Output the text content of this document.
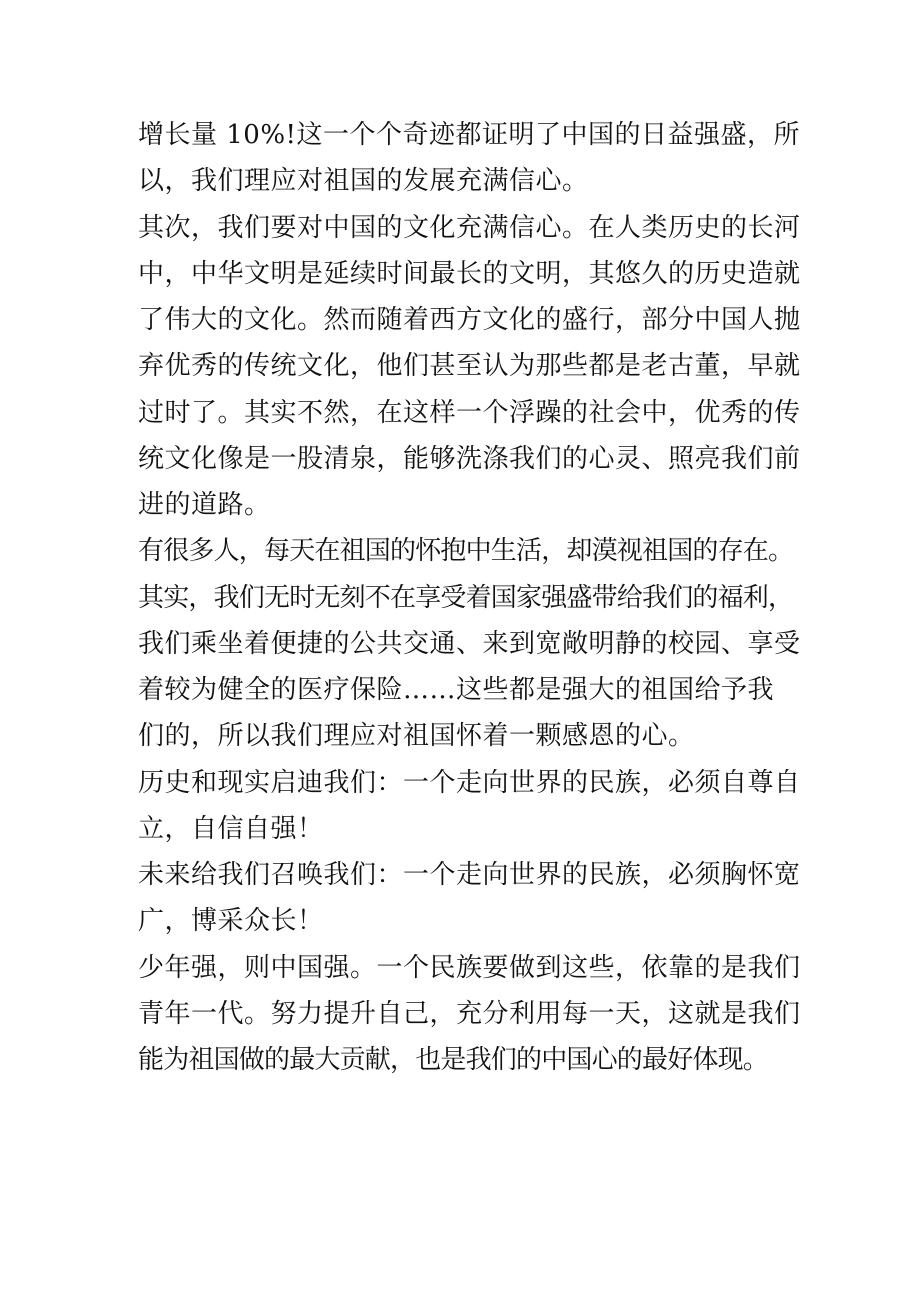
增长量 10%!这一个个奇迹都证明了中国的日益强盛，所
以，我们理应对祖国的发展充满信心。
其次，我们要对中国的文化充满信心。在人类历史的长河
中，中华文明是延续时间最长的文明，其悠久的历史造就
了伟大的文化。然而随着西方文化的盛行，部分中国人抛
弃优秀的传统文化，他们甚至认为那些都是老古董，早就
过时了。其实不然，在这样一个浮躁的社会中，优秀的传
统文化像是一股清泉，能够洗涤我们的心灵、照亮我们前
进的道路。
有很多人，每天在祖国的怀抱中生活，却漠视祖国的存在。
其实，我们无时无刻不在享受着国家强盛带给我们的福利，
我们乘坐着便捷的公共交通、来到宽敞明静的校园、享受
着较为健全的医疗保险……这些都是强大的祖国给予我
们的，所以我们理应对祖国怀着一颗感恩的心。
历史和现实启迪我们：一个走向世界的民族，必须自尊自
立，自信自强！
未来给我们召唤我们：一个走向世界的民族，必须胸怀宽
广，博采众长！
少年强，则中国强。一个民族要做到这些，依靠的是我们
青年一代。努力提升自己，充分利用每一天，这就是我们
能为祖国做的最大贡献，也是我们的中国心的最好体现。
